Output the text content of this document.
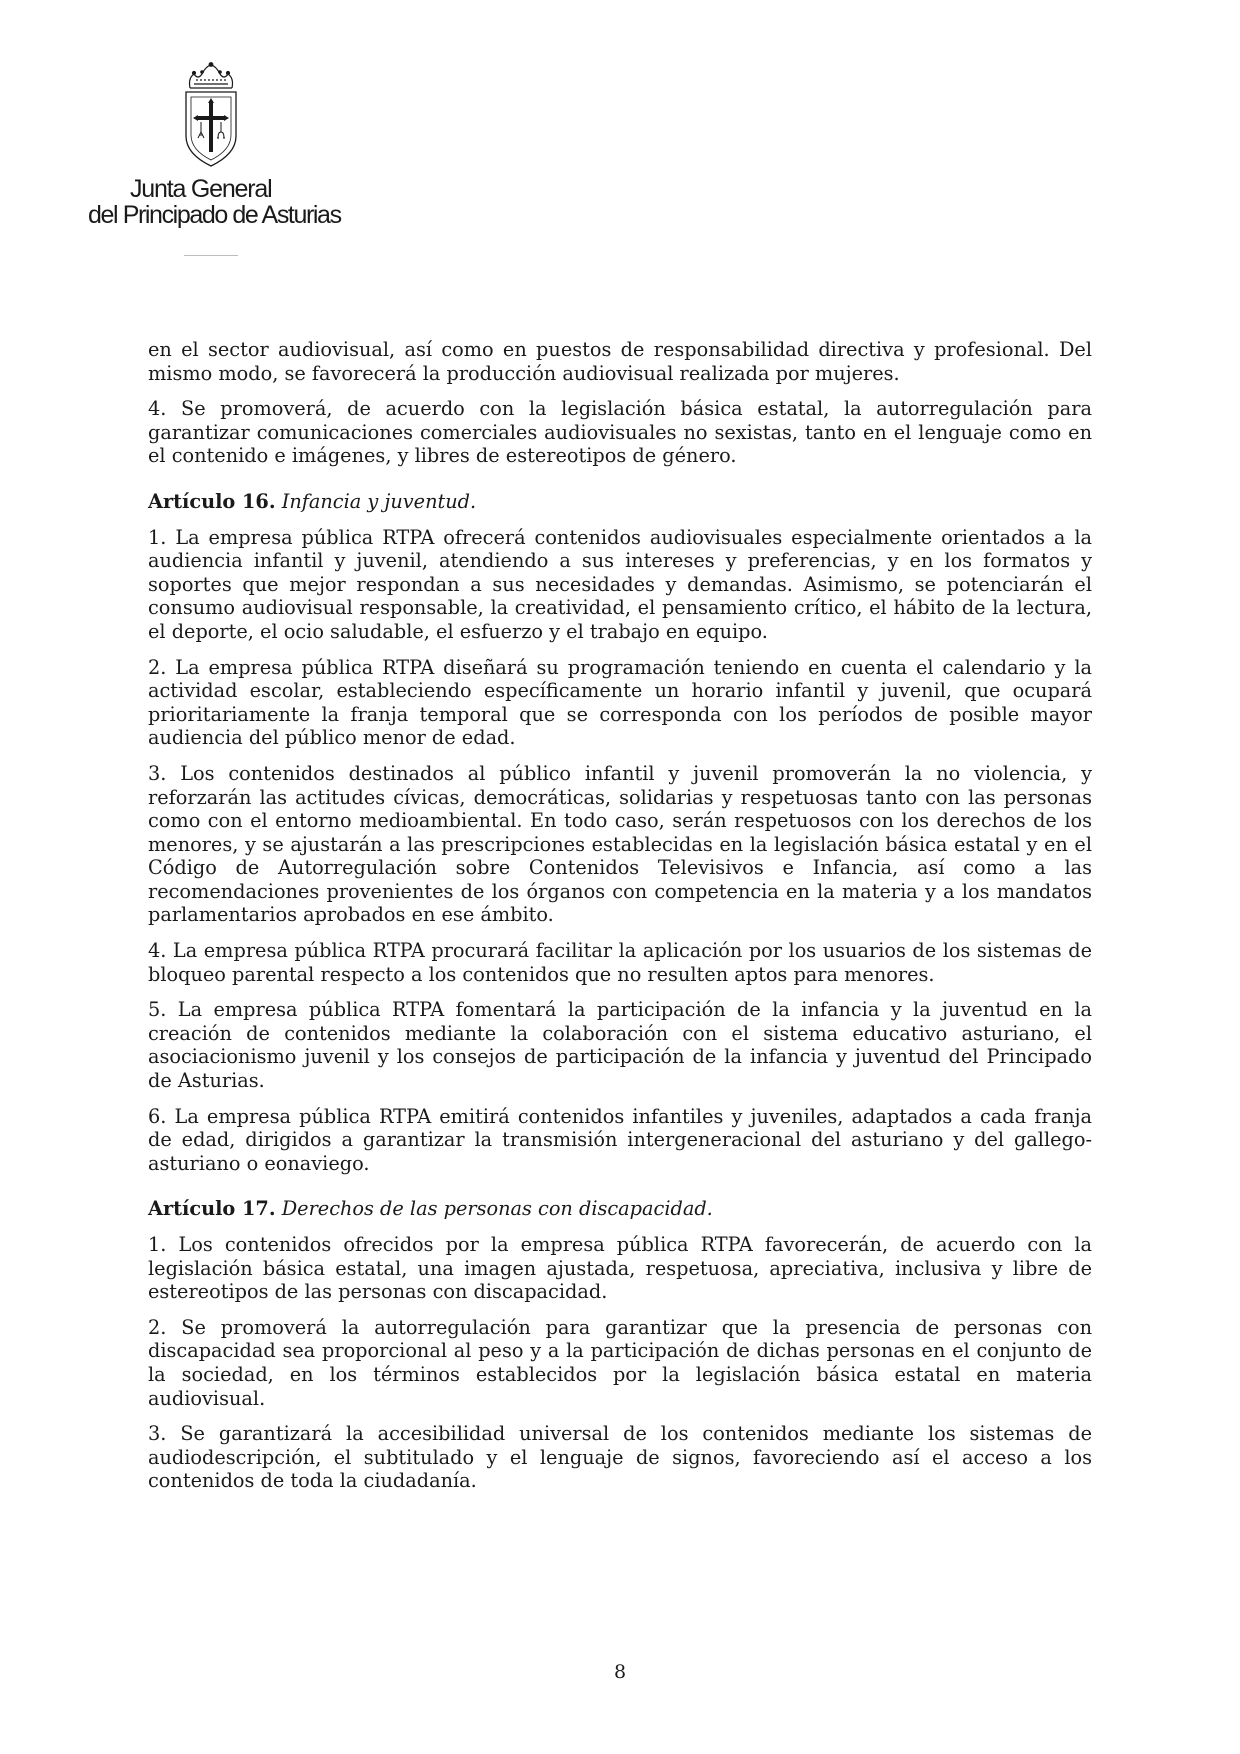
Junta General
del Principado de Asturias

en el sector audiovisual, así como en puestos de responsabilidad directiva y profesional. Del mismo modo, se favorecerá la producción audiovisual realizada por mujeres.

4. Se promoverá, de acuerdo con la legislación básica estatal, la autorregulación para garantizar comunicaciones comerciales audiovisuales no sexistas, tanto en el lenguaje como en el contenido e imágenes, y libres de estereotipos de género.

Artículo 16. Infancia y juventud.

1. La empresa pública RTPA ofrecerá contenidos audiovisuales especialmente orientados a la audiencia infantil y juvenil, atendiendo a sus intereses y preferencias, y en los formatos y soportes que mejor respondan a sus necesidades y demandas. Asimismo, se potenciarán el consumo audiovisual responsable, la creatividad, el pensamiento crítico, el hábito de la lectura, el deporte, el ocio saludable, el esfuerzo y el trabajo en equipo.

2. La empresa pública RTPA diseñará su programación teniendo en cuenta el calendario y la actividad escolar, estableciendo específicamente un horario infantil y juvenil, que ocupará prioritariamente la franja temporal que se corresponda con los períodos de posible mayor audiencia del público menor de edad.

3. Los contenidos destinados al público infantil y juvenil promoverán la no violencia, y reforzarán las actitudes cívicas, democráticas, solidarias y respetuosas tanto con las personas como con el entorno medioambiental. En todo caso, serán respetuosos con los derechos de los menores, y se ajustarán a las prescripciones establecidas en la legislación básica estatal y en el Código de Autorregulación sobre Contenidos Televisivos e Infancia, así como a las recomendaciones provenientes de los órganos con competencia en la materia y a los mandatos parlamentarios aprobados en ese ámbito.

4. La empresa pública RTPA procurará facilitar la aplicación por los usuarios de los sistemas de bloqueo parental respecto a los contenidos que no resulten aptos para menores.

5. La empresa pública RTPA fomentará la participación de la infancia y la juventud en la creación de contenidos mediante la colaboración con el sistema educativo asturiano, el asociacionismo juvenil y los consejos de participación de la infancia y juventud del Principado de Asturias.

6. La empresa pública RTPA emitirá contenidos infantiles y juveniles, adaptados a cada franja de edad, dirigidos a garantizar la transmisión intergeneracional del asturiano y del gallego-asturiano o eonaviego.

Artículo 17. Derechos de las personas con discapacidad.

1. Los contenidos ofrecidos por la empresa pública RTPA favorecerán, de acuerdo con la legislación básica estatal, una imagen ajustada, respetuosa, apreciativa, inclusiva y libre de estereotipos de las personas con discapacidad.

2. Se promoverá la autorregulación para garantizar que la presencia de personas con discapacidad sea proporcional al peso y a la participación de dichas personas en el conjunto de la sociedad, en los términos establecidos por la legislación básica estatal en materia audiovisual.

3. Se garantizará la accesibilidad universal de los contenidos mediante los sistemas de audiodescripción, el subtitulado y el lenguaje de signos, favoreciendo así el acceso a los contenidos de toda la ciudadanía.

8
